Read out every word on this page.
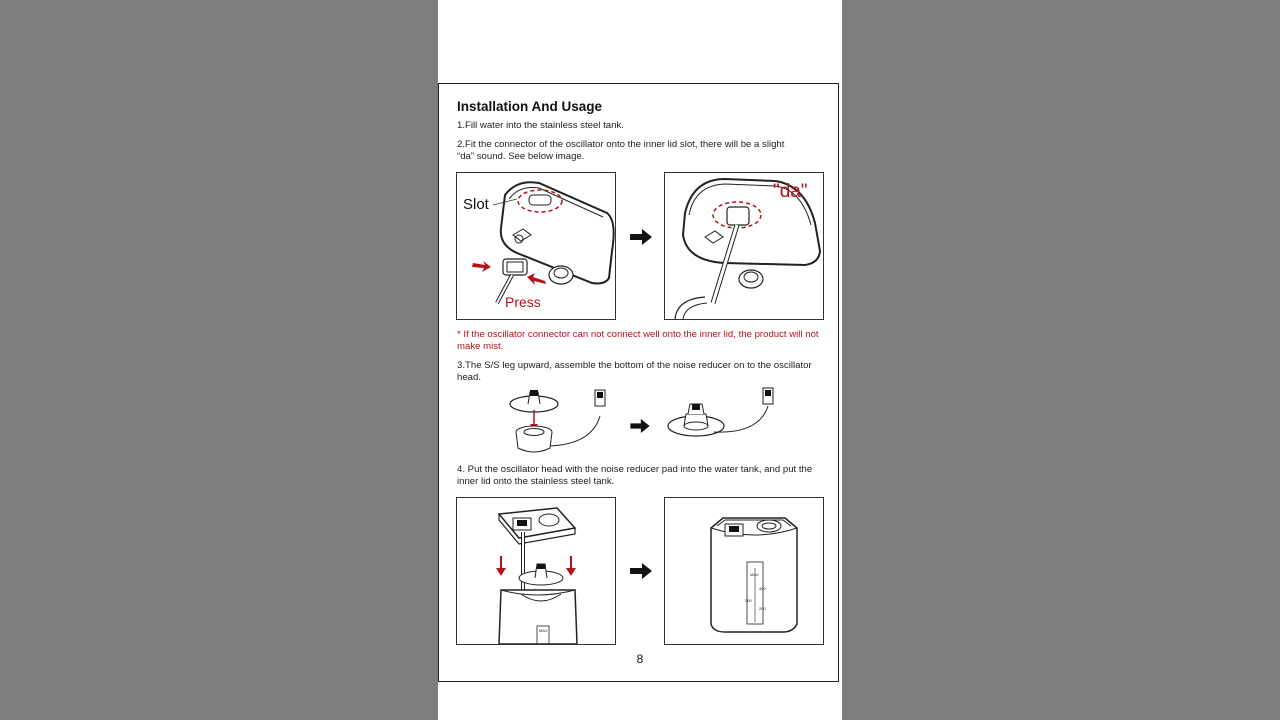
Installation And Usage
1.Fill water into the stainless steel tank.
2.Fit the connector of the oscillator onto the inner lid slot, there will be a slight “da” sound. See below image.
Slot
Press
"da"
* If the oscillator connector can not connect well onto the inner lid, the product will not make mist.
3.The S/S leg upward, assemble the bottom of the noise reducer on to the oscillator head.
4. Put the oscillator head with the noise reducer pad into the water tank, and put the inner lid onto the stainless steel tank.
MAX
MAX
400
300
200
8
